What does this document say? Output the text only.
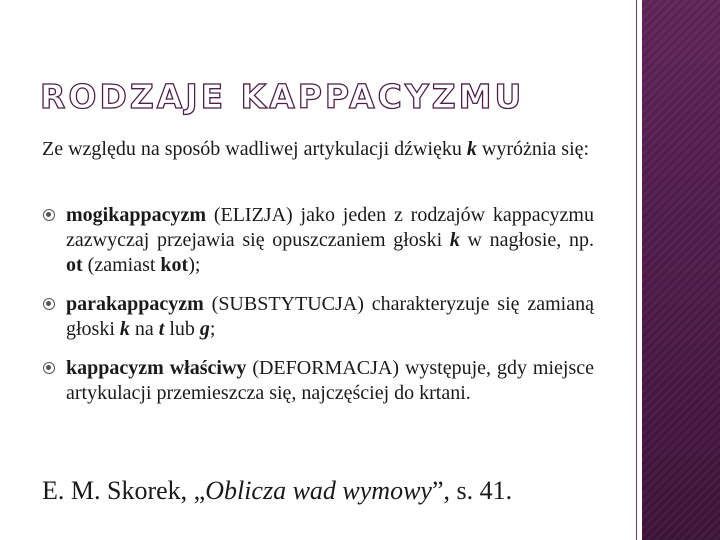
RODZAJE KAPPACYZMU
Ze względu na sposób wadliwej artykulacji dźwięku k wyróżnia się:
mogikappacyzm (ELIZJA) jako jeden z rodzajów kappacyzmu zazwyczaj przejawia się opuszczaniem głoski k w nagłosie, np. ot (zamiast kot);
parakappacyzm (SUBSTYTUCJA) charakteryzuje się zamianą głoski k na t lub g;
kappacyzm właściwy (DEFORMACJA) występuje, gdy miejsce artykulacji przemieszcza się, najczęściej do krtani.
E. M. Skorek, „Oblicza wad wymowy”, s. 41.
